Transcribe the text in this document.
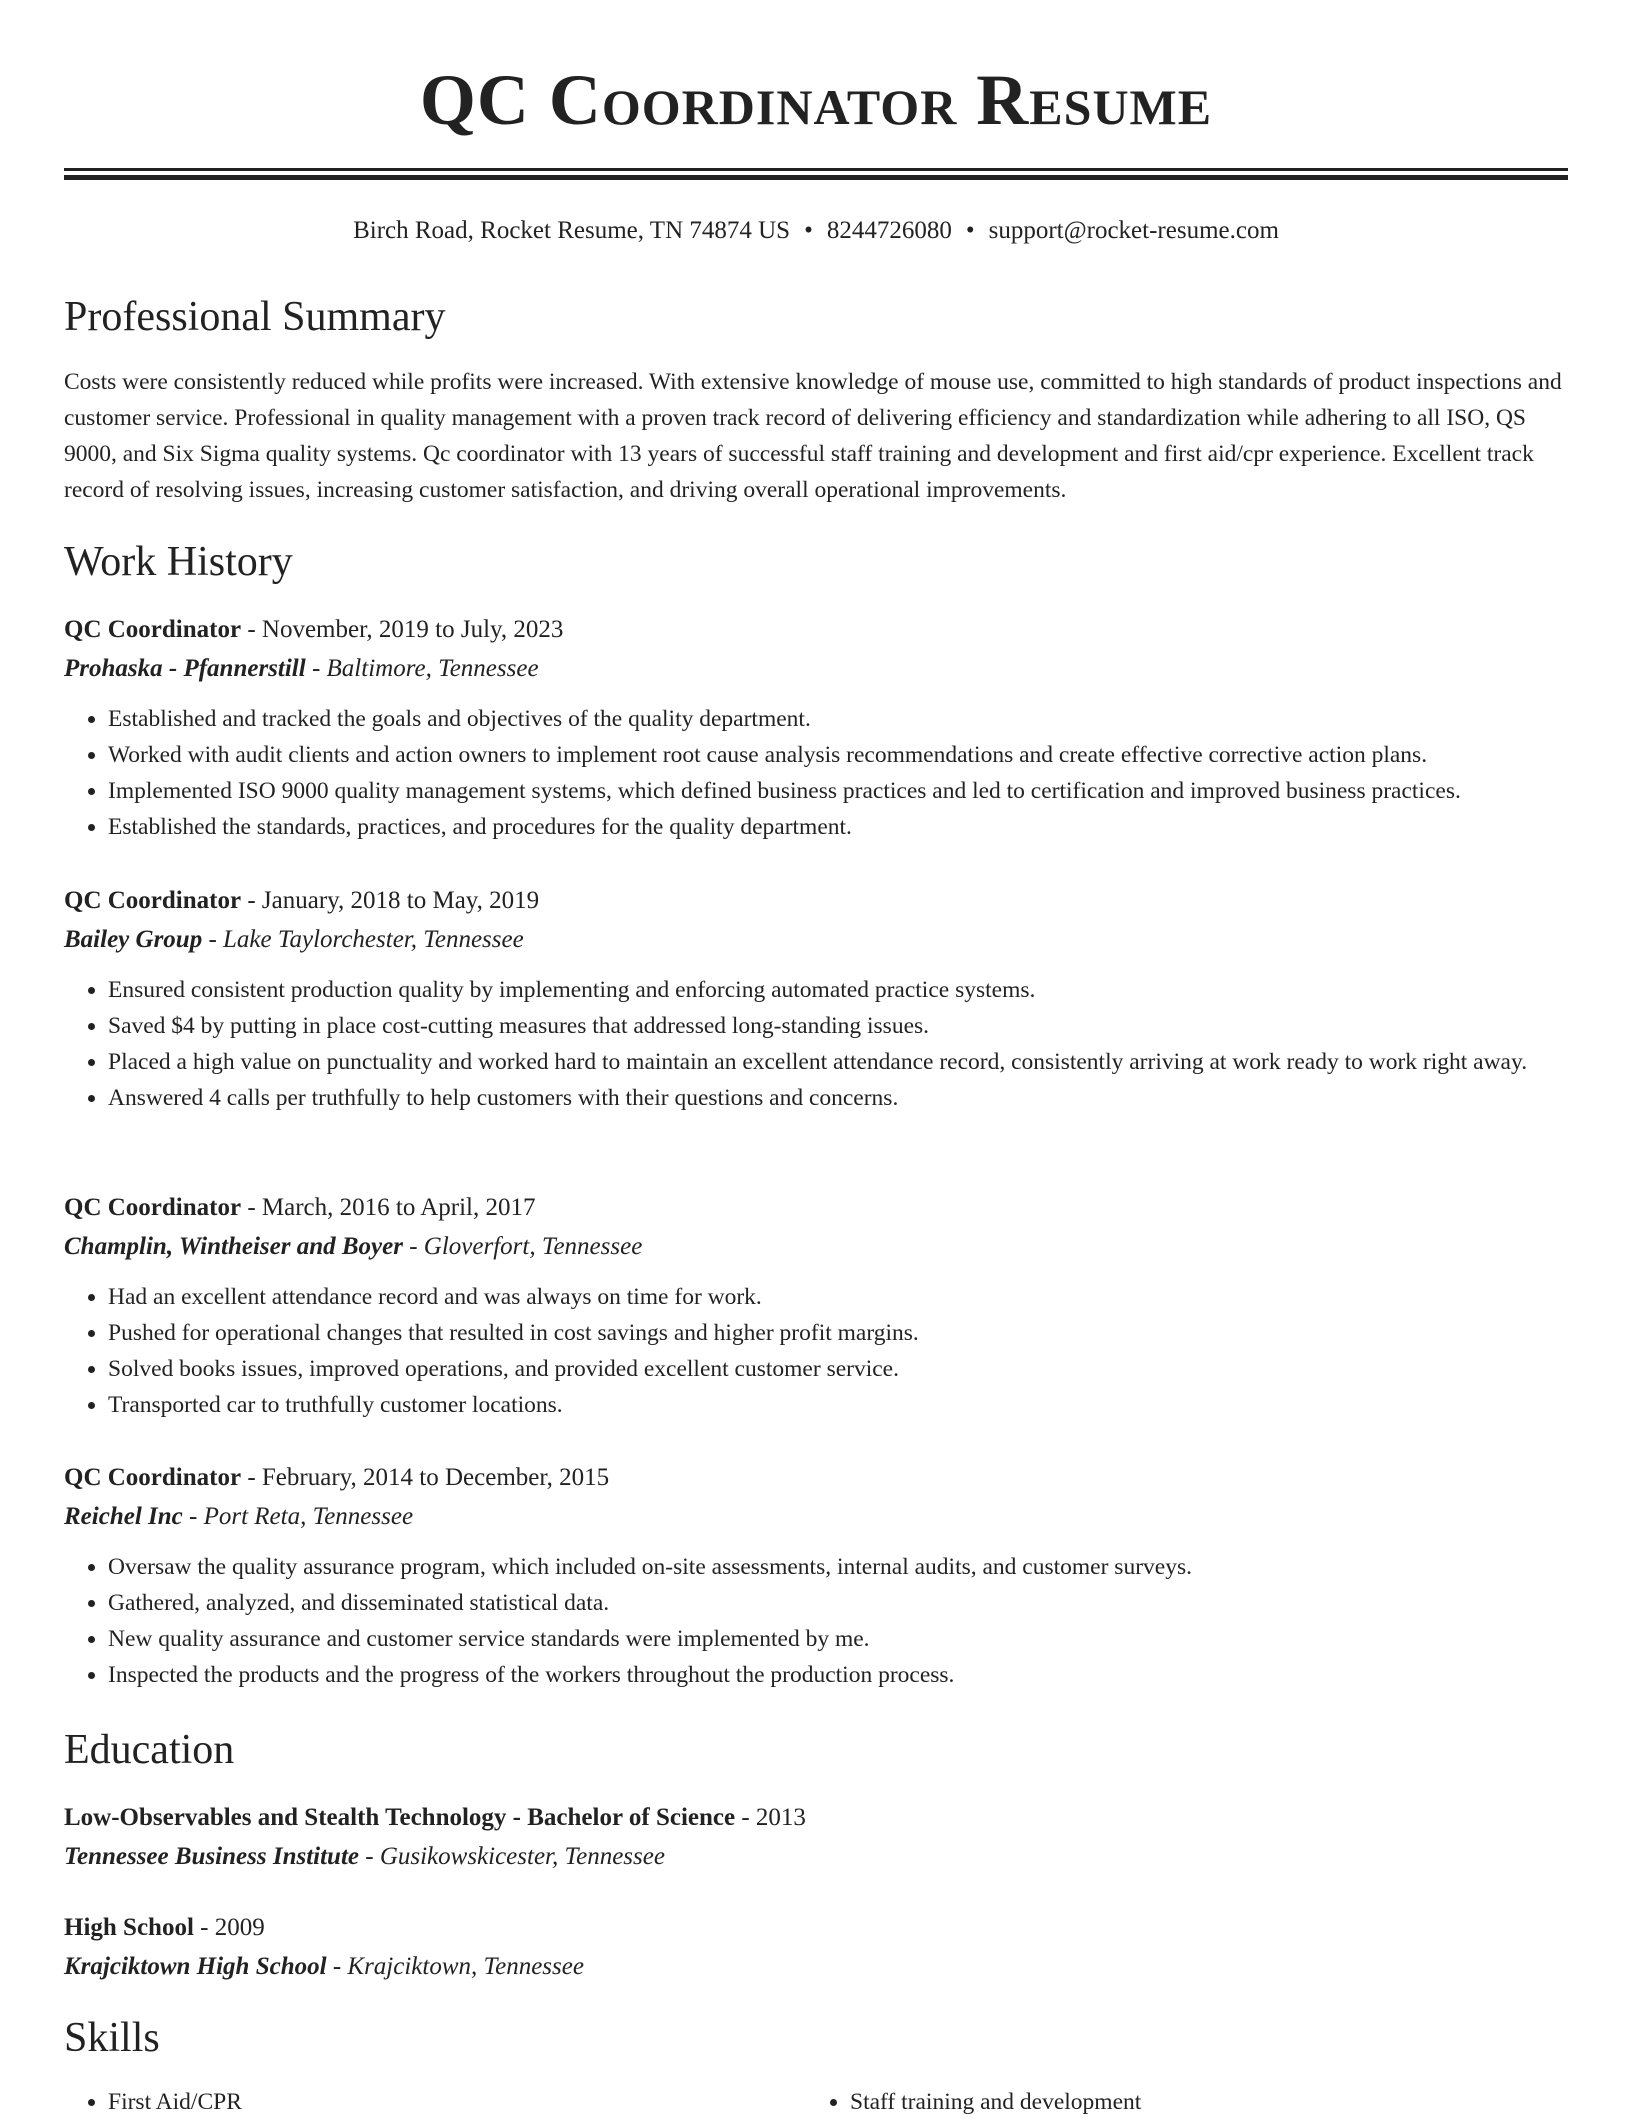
QC Coordinator Resume
Birch Road, Rocket Resume, TN 74874 US • 8244726080 • support@rocket-resume.com
Professional Summary

Costs were consistently reduced while profits were increased. With extensive knowledge of mouse use, committed to high standards of product inspections and customer service. Professional in quality management with a proven track record of delivering efficiency and standardization while adhering to all ISO, QS 9000, and Six Sigma quality systems. Qc coordinator with 13 years of successful staff training and development and first aid/cpr experience. Excellent track record of resolving issues, increasing customer satisfaction, and driving overall operational improvements.

Work History
QC Coordinator - November, 2019 to July, 2023
Prohaska - Pfannerstill - Baltimore, Tennessee
• Established and tracked the goals and objectives of the quality department.
• Worked with audit clients and action owners to implement root cause analysis recommendations and create effective corrective action plans.
• Implemented ISO 9000 quality management systems, which defined business practices and led to certification and improved business practices.
• Established the standards, practices, and procedures for the quality department.
QC Coordinator - January, 2018 to May, 2019
Bailey Group - Lake Taylorchester, Tennessee
• Ensured consistent production quality by implementing and enforcing automated practice systems.
• Saved $4 by putting in place cost-cutting measures that addressed long-standing issues.
• Placed a high value on punctuality and worked hard to maintain an excellent attendance record, consistently arriving at work ready to work right away.
• Answered 4 calls per truthfully to help customers with their questions and concerns.
QC Coordinator - March, 2016 to April, 2017
Champlin, Wintheiser and Boyer - Gloverfort, Tennessee
• Had an excellent attendance record and was always on time for work.
• Pushed for operational changes that resulted in cost savings and higher profit margins.
• Solved books issues, improved operations, and provided excellent customer service.
• Transported car to truthfully customer locations.
QC Coordinator - February, 2014 to December, 2015
Reichel Inc - Port Reta, Tennessee
• Oversaw the quality assurance program, which included on-site assessments, internal audits, and customer surveys.
• Gathered, analyzed, and disseminated statistical data.
• New quality assurance and customer service standards were implemented by me.
• Inspected the products and the progress of the workers throughout the production process.
Education
Low-Observables and Stealth Technology - Bachelor of Science - 2013
Tennessee Business Institute - Gusikowskicester, Tennessee
High School - 2009
Krajciktown High School - Krajciktown, Tennessee
Skills
• First Aid/CPR
•	Staff training and development
